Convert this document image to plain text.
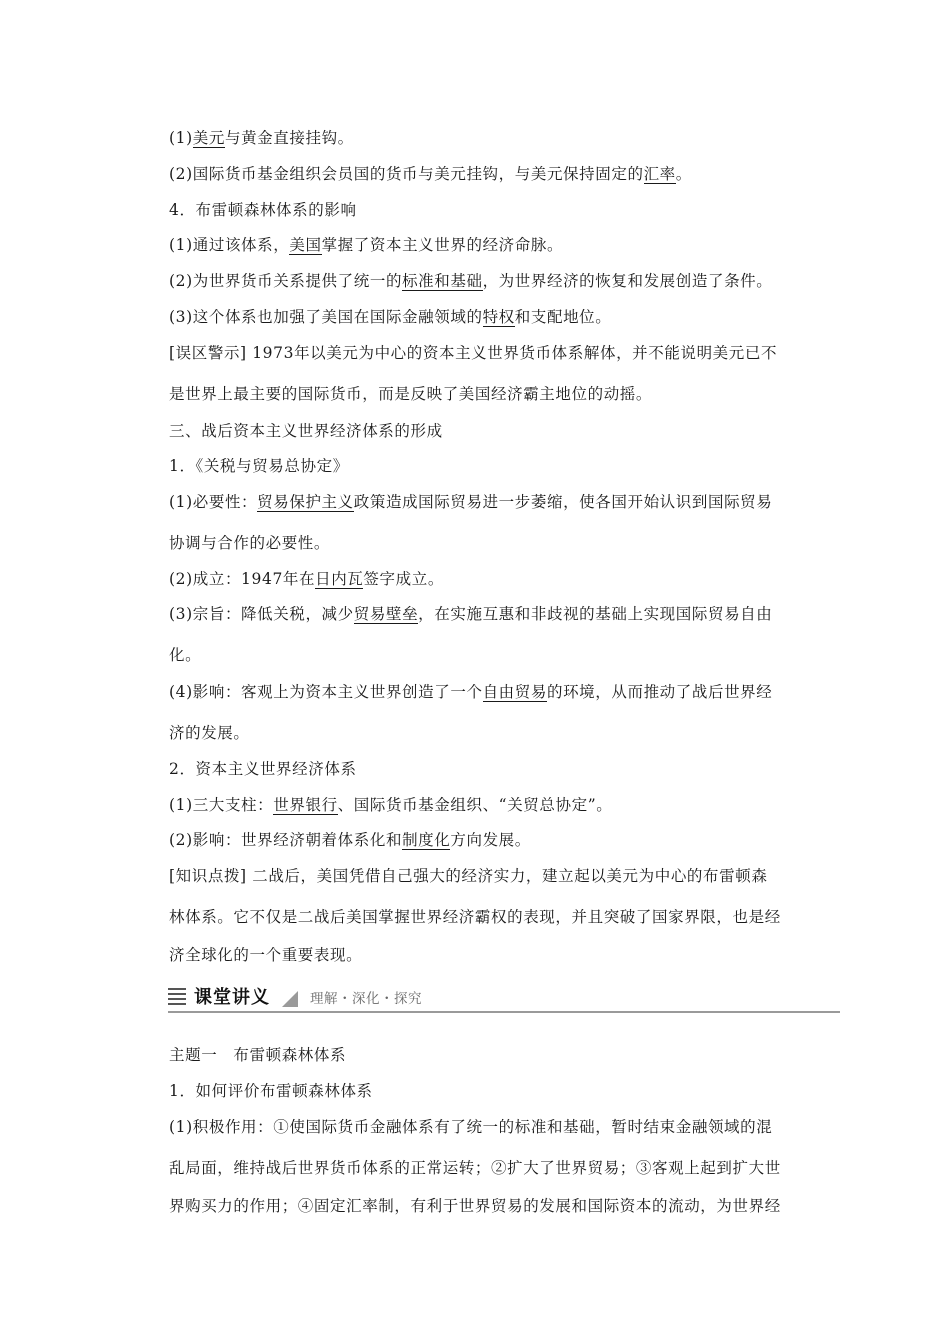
(1)美元与黄金直接挂钩。
(2)国际货币基金组织会员国的货币与美元挂钩，与美元保持固定的汇率。
4．布雷顿森林体系的影响
(1)通过该体系，美国掌握了资本主义世界的经济命脉。
(2)为世界货币关系提供了统一的标准和基础，为世界经济的恢复和发展创造了条件。
(3)这个体系也加强了美国在国际金融领域的特权和支配地位。
[误区警示] 1973年以美元为中心的资本主义世界货币体系解体，并不能说明美元已不
是世界上最主要的国际货币，而是反映了美国经济霸主地位的动摇。
三、战后资本主义世界经济体系的形成
1．《关税与贸易总协定》
(1)必要性：贸易保护主义政策造成国际贸易进一步萎缩，使各国开始认识到国际贸易
协调与合作的必要性。
(2)成立：1947年在日内瓦签字成立。
(3)宗旨：降低关税，减少贸易壁垒，在实施互惠和非歧视的基础上实现国际贸易自由
化。
(4)影响：客观上为资本主义世界创造了一个自由贸易的环境，从而推动了战后世界经
济的发展。
2．资本主义世界经济体系
(1)三大支柱：世界银行、国际货币基金组织、“关贸总协定”。
(2)影响：世界经济朝着体系化和制度化方向发展。
[知识点拨] 二战后，美国凭借自己强大的经济实力，建立起以美元为中心的布雷顿森
林体系。它不仅是二战后美国掌握世界经济霸权的表现，并且突破了国家界限，也是经
济全球化的一个重要表现。
课堂讲义	理解・深化・探究
主题一　布雷顿森林体系
1．如何评价布雷顿森林体系
(1)积极作用：①使国际货币金融体系有了统一的标准和基础，暂时结束金融领域的混
乱局面，维持战后世界货币体系的正常运转；②扩大了世界贸易；③客观上起到扩大世
界购买力的作用；④固定汇率制，有利于世界贸易的发展和国际资本的流动，为世界经
